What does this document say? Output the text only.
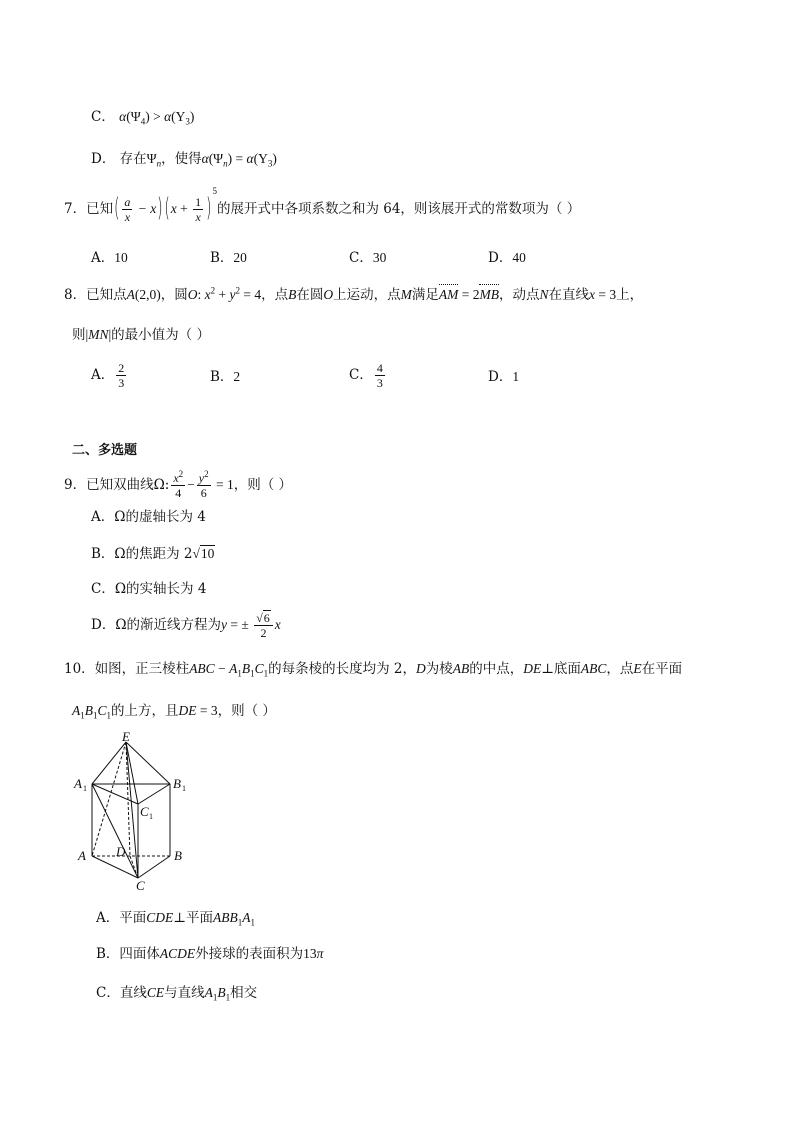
C． $\alpha(\Psi_4) > \alpha(\Upsilon_3)$
D． 存在$\Psi_n$，使得$\alpha(\Psi_n) = \alpha(\Upsilon_3)$
7．已知( $\frac{a}{x} - x$) $(x + \frac{1}{x} )^5$的展开式中各项系数之和为 64，则该展开式的常数项为（ ）
A．10	B．20	C．30	D．40
8．已知点A(2,0)，圆O: $x^2 + y^2 = 4$，点B在圆O上运动，点M满足AM = 2MB，动点N在直线x = 3上，
则|MN|的最小值为（ ）
A． $\frac{2}{3}$	B．2	C． $\frac{4}{3}$	D．1
二、多选题
9．已知双曲线Ω: $\frac{x^2}{4} - \frac{y^2}{6} = 1$，则（ ）
A．Ω的虚轴长为 4
B．Ω的焦距为 2√10
C．Ω的实轴长为 4
D．Ω的渐近线方程为y = ± $\frac{√6}{2}$ x
10．如图，正三棱柱ABC − $A_1B_1C_1$的每条棱的长度均为 2，D为棱AB的中点，DE⊥底面ABC，点E在平面
$A_1B_1C_1$的上方，且DE = 3，则（ ）
E
A 1	B 1
C 1
D
A	B
C
A．平面CDE⊥平面$ABB_1A_1$
B．四面体ACDE外接球的表面积为13π
C．直线CE与直线$A_1B_1$相交
